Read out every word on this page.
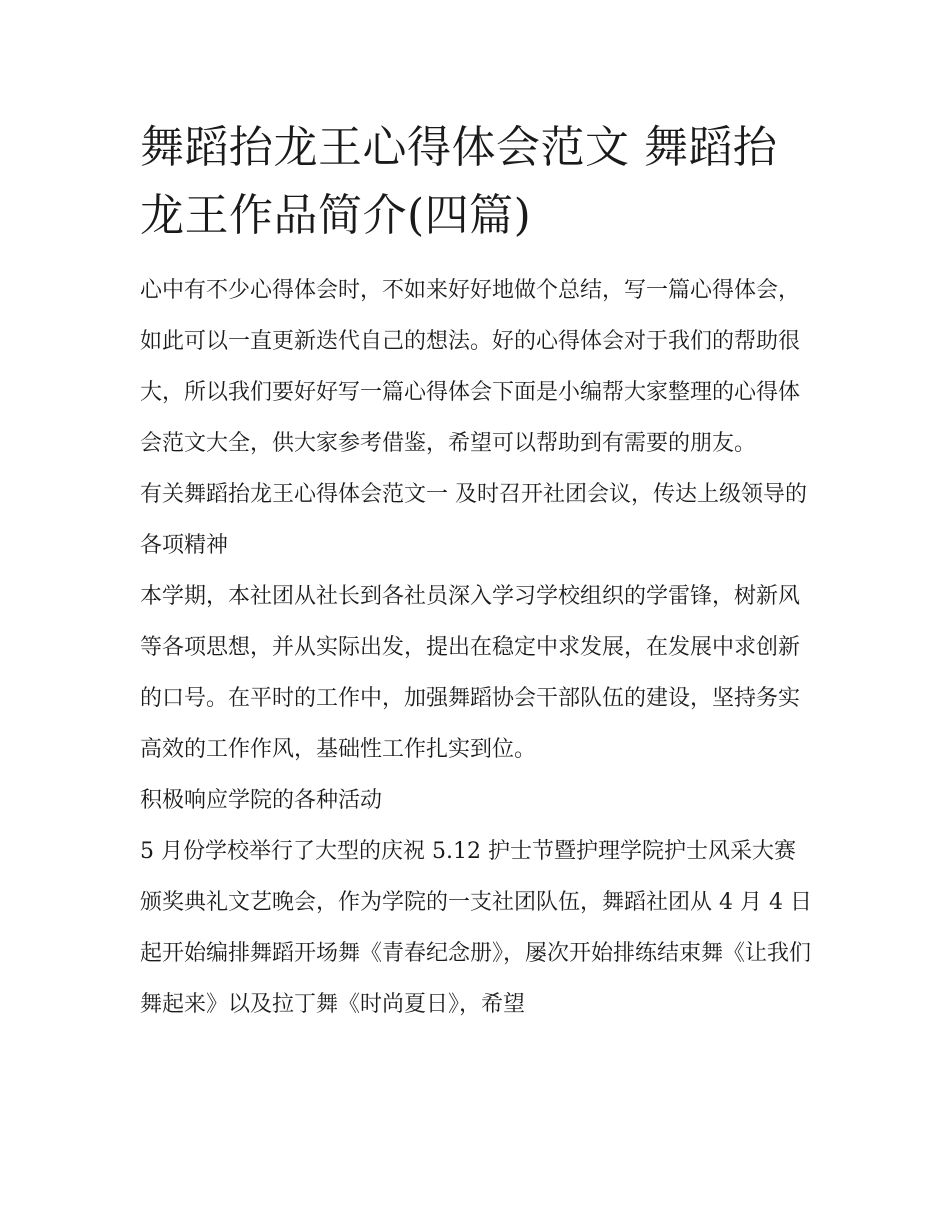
舞蹈抬龙王心得体会范文 舞蹈抬龙王作品简介(四篇)

心中有不少心得体会时，不如来好好地做个总结，写一篇心得体会，如此可以一直更新迭代自己的想法。好的心得体会对于我们的帮助很大，所以我们要好好写一篇心得体会下面是小编帮大家整理的心得体会范文大全，供大家参考借鉴，希望可以帮助到有需要的朋友。

有关舞蹈抬龙王心得体会范文一 及时召开社团会议，传达上级领导的各项精神

本学期，本社团从社长到各社员深入学习学校组织的学雷锋，树新风等各项思想，并从实际出发，提出在稳定中求发展，在发展中求创新的口号。在平时的工作中，加强舞蹈协会干部队伍的建设，坚持务实高效的工作作风，基础性工作扎实到位。

积极响应学院的各种活动

5 月份学校举行了大型的庆祝 5.12 护士节暨护理学院护士风采大赛颁奖典礼文艺晚会，作为学院的一支社团队伍，舞蹈社团从 4 月 4 日起开始编排舞蹈开场舞《青春纪念册》，屡次开始排练结束舞《让我们舞起来》以及拉丁舞《时尚夏日》，希望
